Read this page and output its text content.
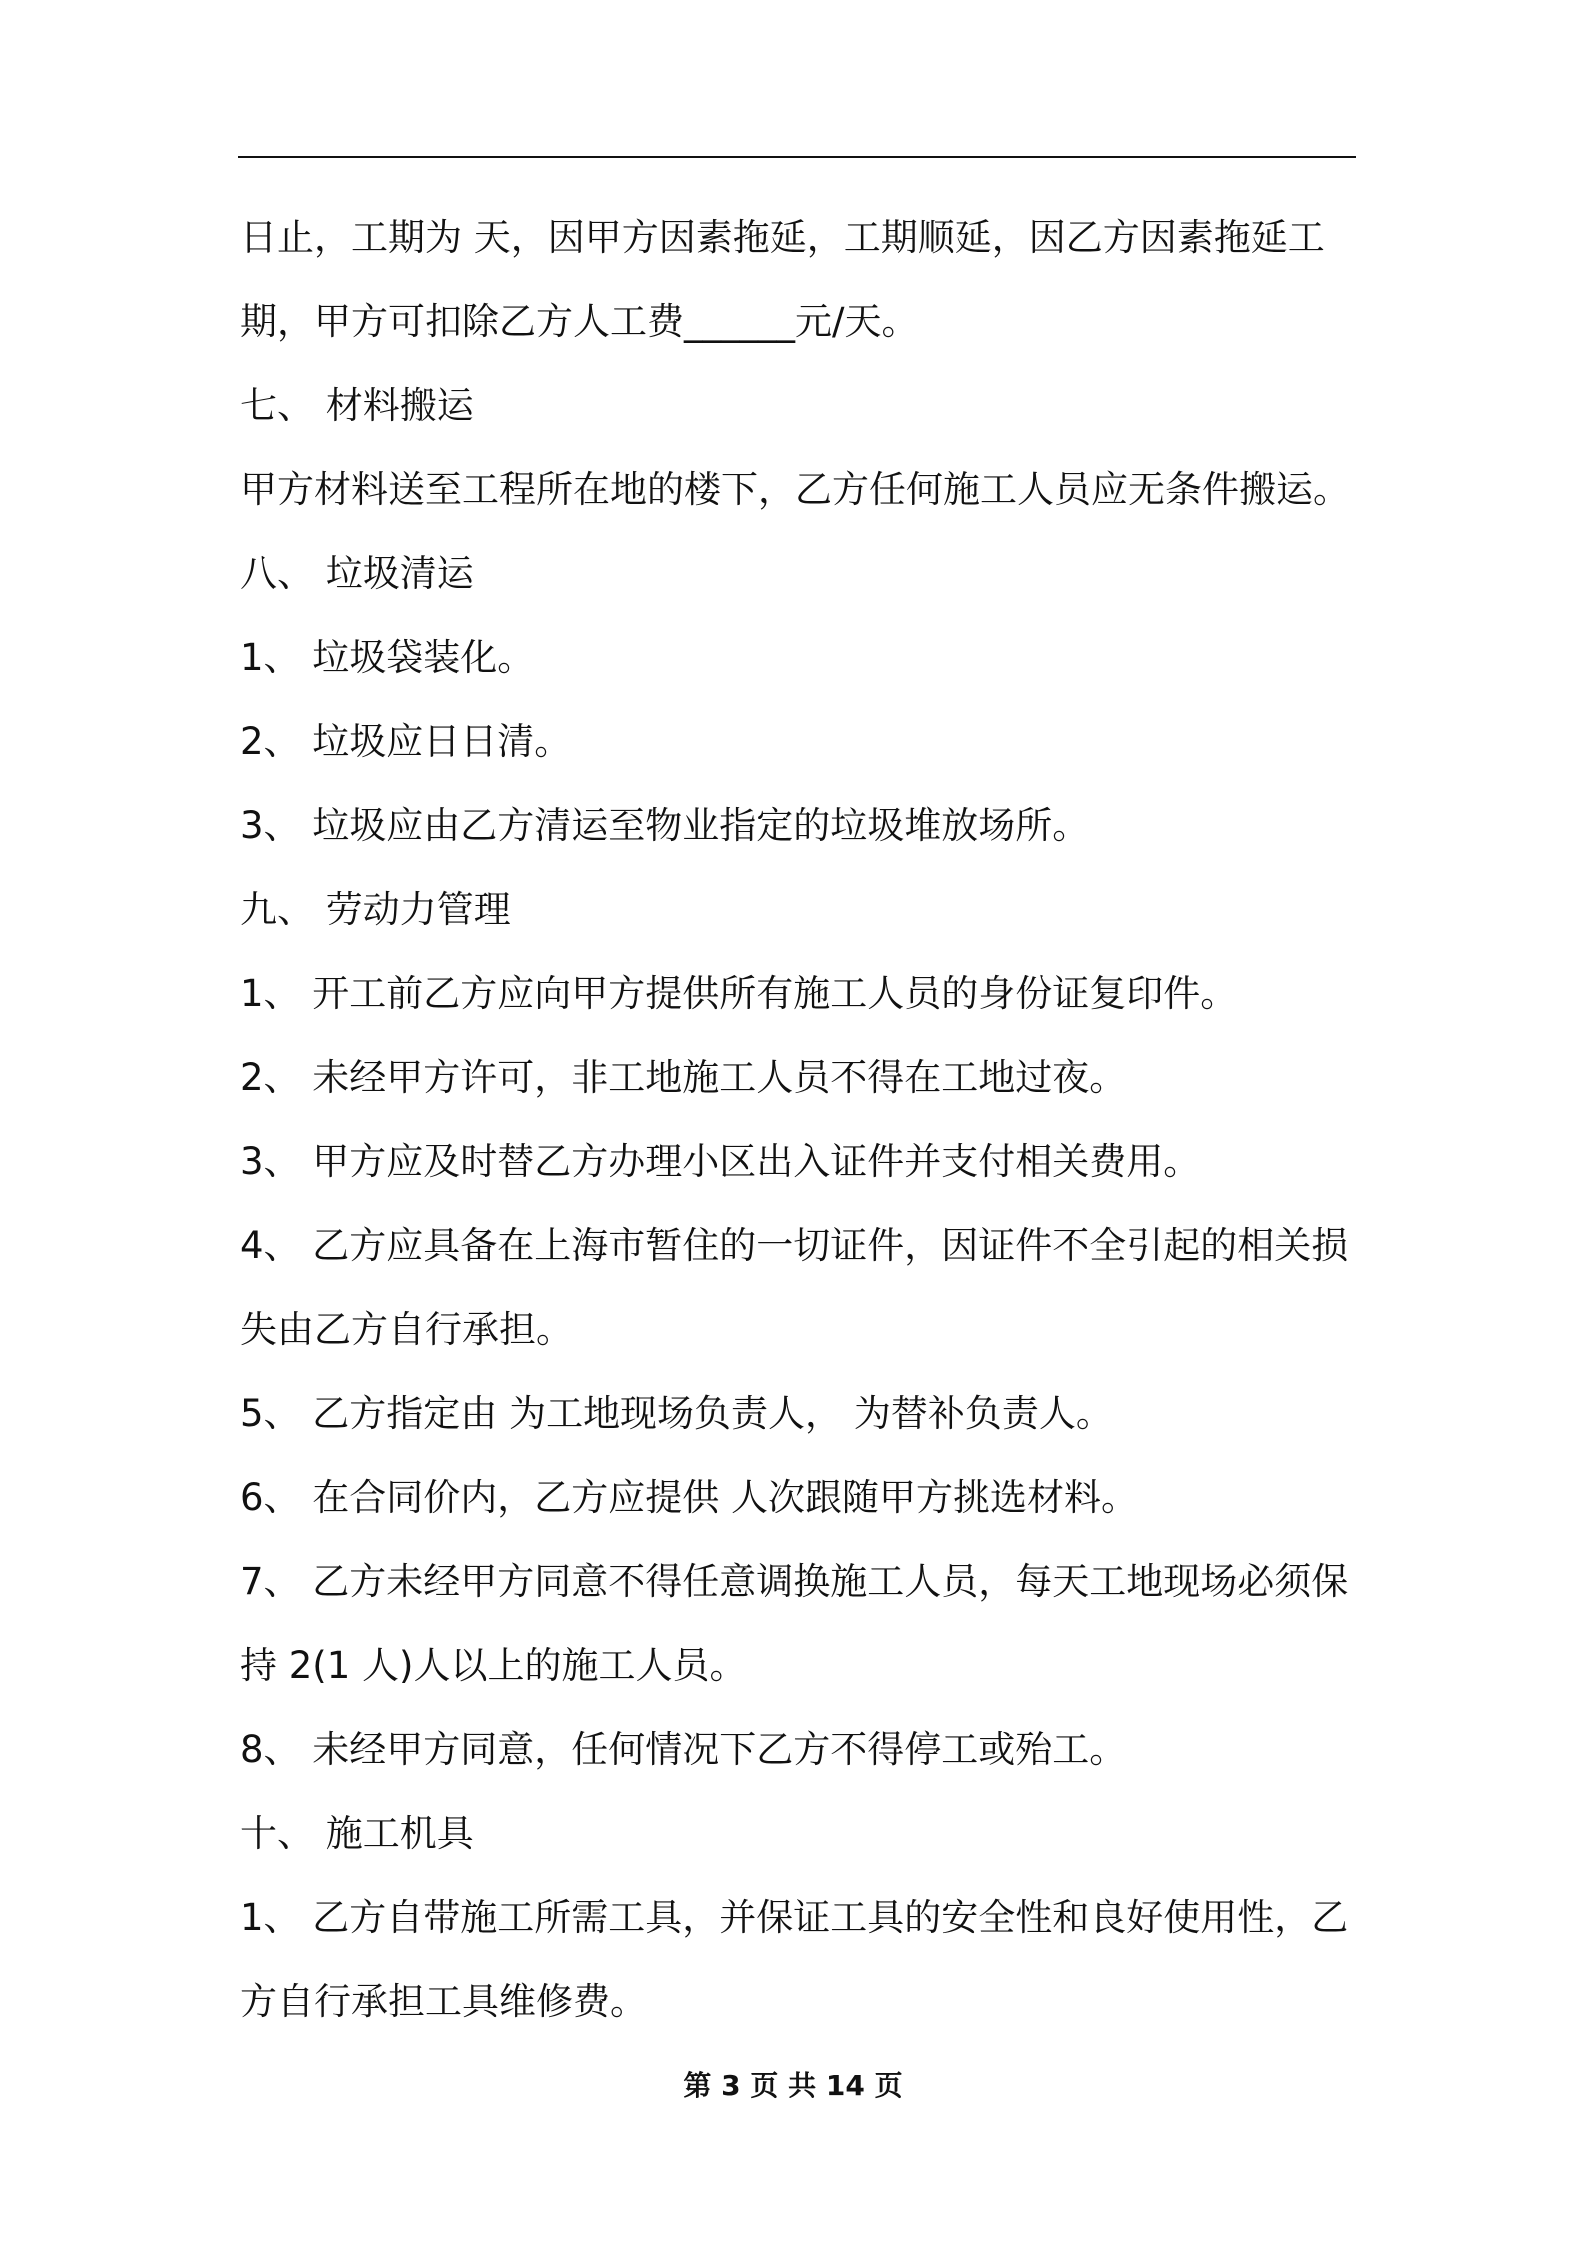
日止，工期为 天，因甲方因素拖延，工期顺延，因乙方因素拖延工
期，甲方可扣除乙方人工费______元/天。
七、 材料搬运
甲方材料送至工程所在地的楼下，乙方任何施工人员应无条件搬运。
八、 垃圾清运
1、 垃圾袋装化。
2、 垃圾应日日清。
3、 垃圾应由乙方清运至物业指定的垃圾堆放场所。
九、 劳动力管理
1、 开工前乙方应向甲方提供所有施工人员的身份证复印件。
2、 未经甲方许可，非工地施工人员不得在工地过夜。
3、 甲方应及时替乙方办理小区出入证件并支付相关费用。
4、 乙方应具备在上海市暂住的一切证件，因证件不全引起的相关损
失由乙方自行承担。
5、 乙方指定由 为工地现场负责人， 为替补负责人。
6、 在合同价内，乙方应提供 人次跟随甲方挑选材料。
7、 乙方未经甲方同意不得任意调换施工人员，每天工地现场必须保
持 2(1 人)人以上的施工人员。
8、 未经甲方同意，任何情况下乙方不得停工或殆工。
十、 施工机具
1、 乙方自带施工所需工具，并保证工具的安全性和良好使用性，乙
方自行承担工具维修费。
第 3 页 共 14 页
